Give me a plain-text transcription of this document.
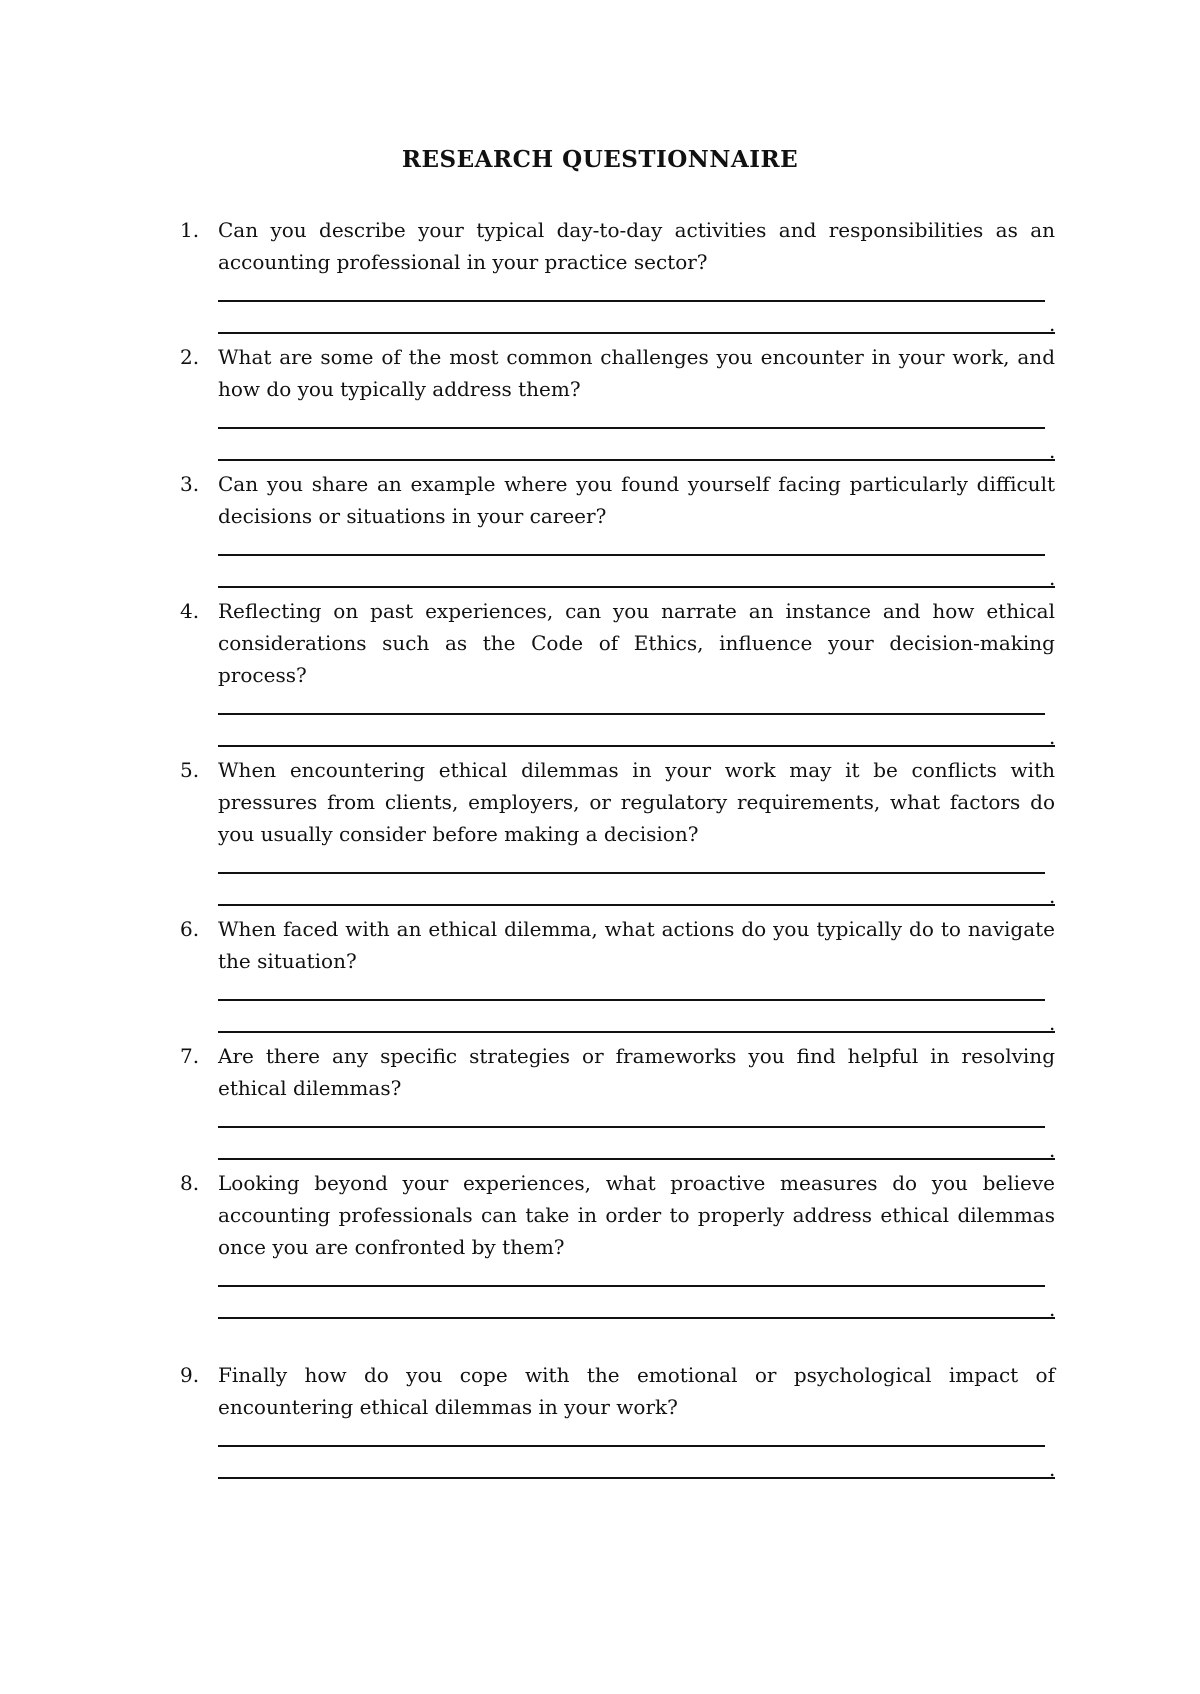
RESEARCH QUESTIONNAIRE
1. Can you describe your typical day-to-day activities and responsibilities as an accounting professional in your practice sector?
.
2. What are some of the most common challenges you encounter in your work, and how do you typically address them?
.
3. Can you share an example where you found yourself facing particularly difficult decisions or situations in your career?
.
4. Reflecting on past experiences, can you narrate an instance and how ethical considerations such as the Code of Ethics, influence your decision-making process?
.
5. When encountering ethical dilemmas in your work may it be conflicts with pressures from clients, employers, or regulatory requirements, what factors do you usually consider before making a decision?
.
6. When faced with an ethical dilemma, what actions do you typically do to navigate the situation?
.
7. Are there any specific strategies or frameworks you find helpful in resolving ethical dilemmas?
.
8. Looking beyond your experiences, what proactive measures do you believe accounting professionals can take in order to properly address ethical dilemmas once you are confronted by them?
.
9. Finally how do you cope with the emotional or psychological impact of encountering ethical dilemmas in your work?
.
